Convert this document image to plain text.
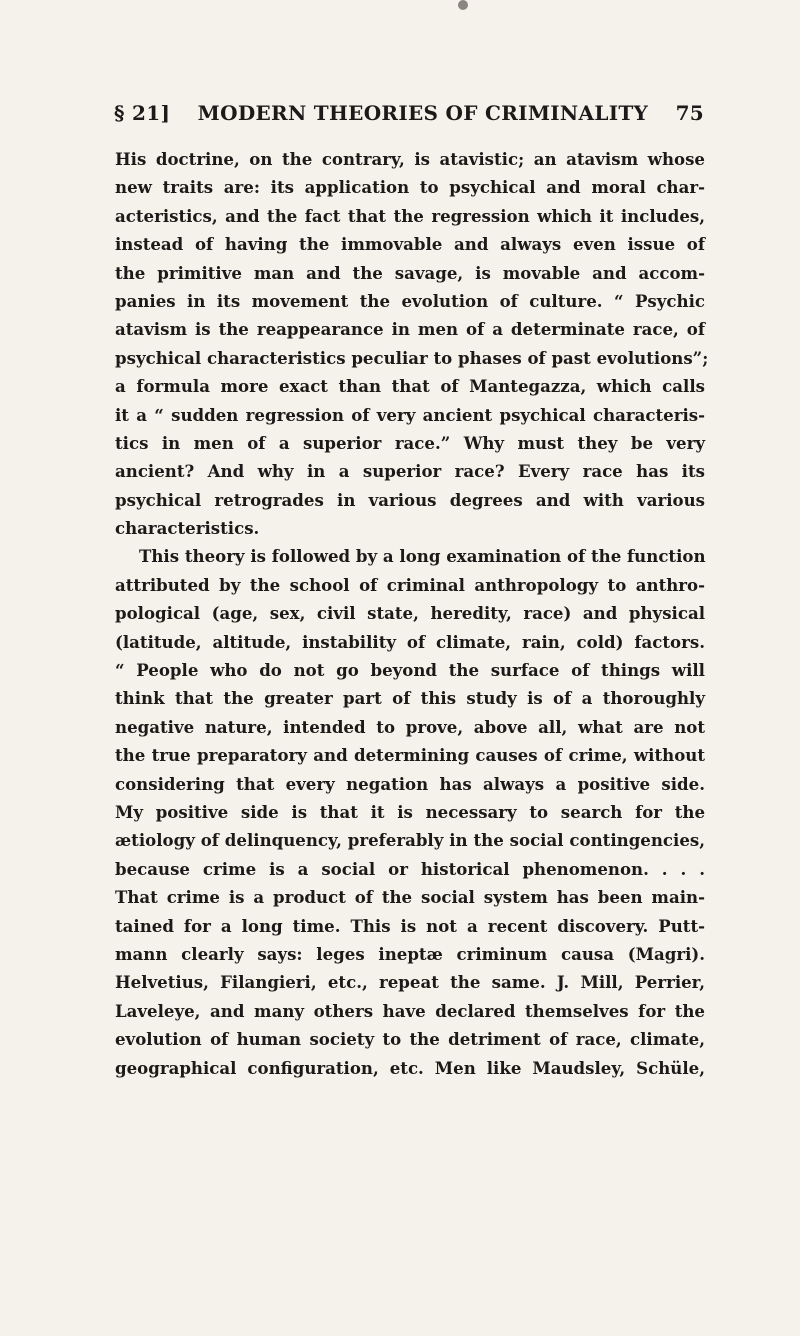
§ 21]	MODERN THEORIES OF CRIMINALITY	75
His doctrine, on the contrary, is atavistic; an atavism whose
new traits are: its application to psychical and moral char-
acteristics, and the fact that the regression which it includes,
instead of having the immovable and always even issue of
the primitive man and the savage, is movable and accom-
panies in its movement the evolution of culture. “ Psychic
atavism is the reappearance in men of a determinate race, of
psychical characteristics peculiar to phases of past evolutions”;
a formula more exact than that of Mantegazza, which calls
it a “ sudden regression of very ancient psychical characteris-
tics in men of a superior race.” Why must they be very
ancient? And why in a superior race? Every race has its
psychical retrogrades in various degrees and with various
characteristics.
This theory is followed by a long examination of the function
attributed by the school of criminal anthropology to anthro-
pological (age, sex, civil state, heredity, race) and physical
(latitude, altitude, instability of climate, rain, cold) factors.
“ People who do not go beyond the surface of things will
think that the greater part of this study is of a thoroughly
negative nature, intended to prove, above all, what are not
the true preparatory and determining causes of crime, without
considering that every negation has always a positive side.
My positive side is that it is necessary to search for the
ætiology of delinquency, preferably in the social contingencies,
because crime is a social or historical phenomenon. . . .
That crime is a product of the social system has been main-
tained for a long time. This is not a recent discovery. Putt-
mann clearly says: leges ineptæ criminum causa (Magri).
Helvetius, Filangieri, etc., repeat the same. J. Mill, Perrier,
Laveleye, and many others have declared themselves for the
evolution of human society to the detriment of race, climate,
geographical configuration, etc. Men like Maudsley, Schüle,
